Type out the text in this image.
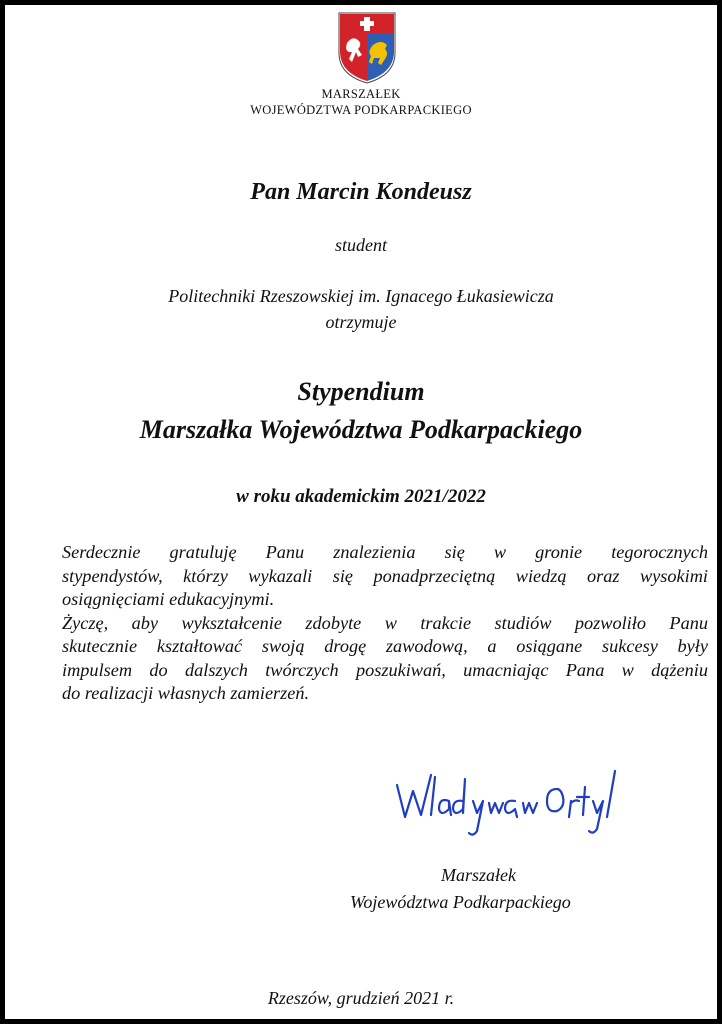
MARSZAŁEK
WOJEWÓDZTWA PODKARPACKIEGO
Pan Marcin Kondeusz
student
Politechniki Rzeszowskiej im. Ignacego Łukasiewicza
otrzymuje
Stypendium
Marszałka Województwa Podkarpackiego
w roku akademickim 2021/2022

Serdecznie gratuluję Panu znalezienia się w gronie tegorocznych
stypendystów, którzy wykazali się ponadprzeciętną wiedzą oraz wysokimi
osiągnięciami edukacyjnymi.

Życzę, aby wykształcenie zdobyte w trakcie studiów pozwoliło Panu
skutecznie kształtować swoją drogę zawodową, a osiągane sukcesy były
impulsem do dalszych twórczych poszukiwań, umacniając Pana w dążeniu
do realizacji własnych zamierzeń.

Marszałek
Województwa Podkarpackiego
Rzeszów, grudzień 2021 r.
